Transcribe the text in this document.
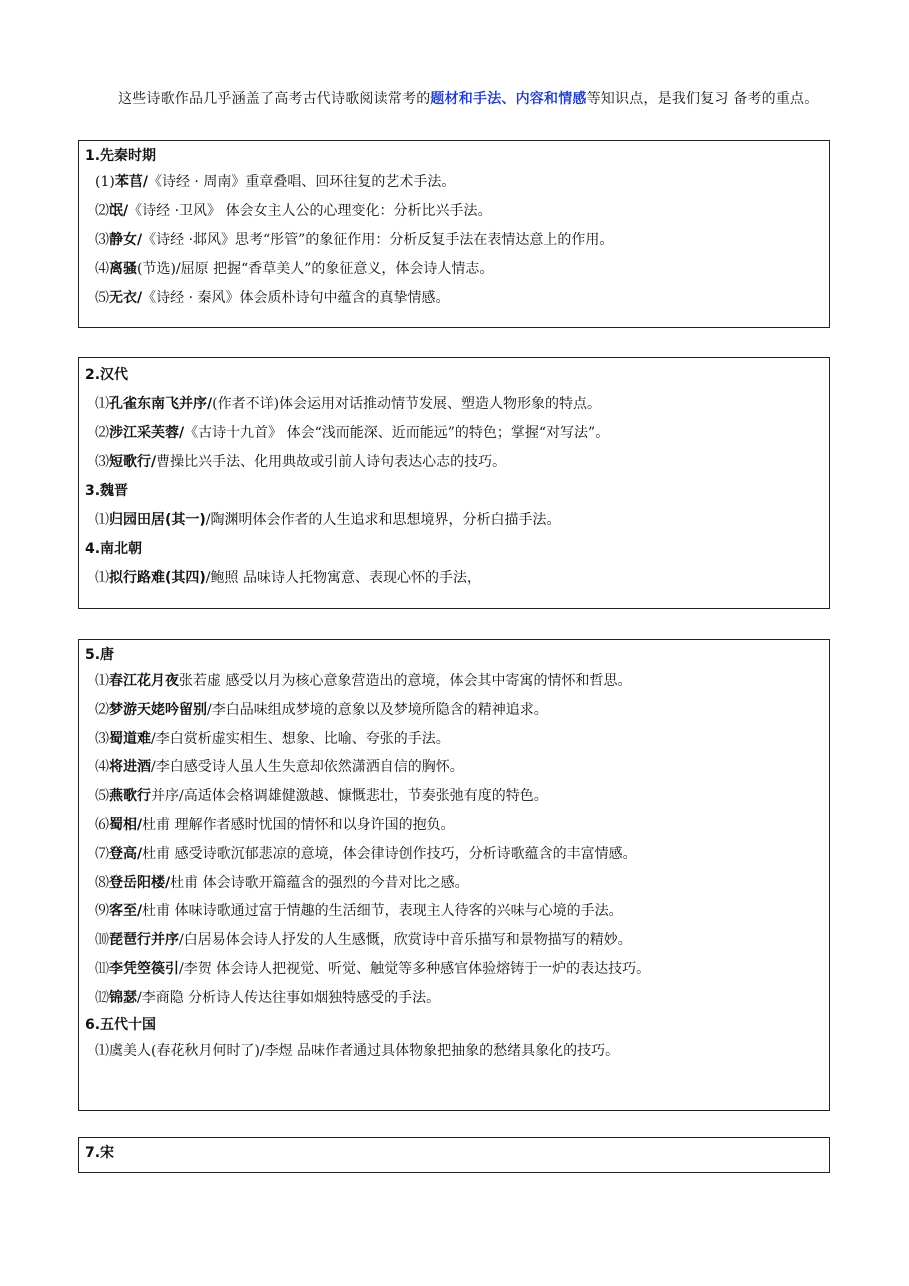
这些诗歌作品几乎涵盖了高考古代诗歌阅读常考的题材和手法、内容和情感等知识点，是我们复习 备考的重点。
1.先秦时期
(1)苯苢/《诗经 · 周南》重章叠唱、回环往复的艺术手法。
⑵氓/《诗经 ·卫风》 体会女主人公的心理变化：分析比兴手法。
⑶静女/《诗经 ·邶风》思考“彤管”的象征作用：分析反复手法在表情达意上的作用。
⑷离骚(节选)/屈原 把握“香草美人”的象征意义，体会诗人情志。
⑸无衣/《诗经 · 秦风》体会质朴诗句中蕴含的真挚情感。
2.汉代
⑴孔雀东南飞并序/(作者不详)体会运用对话推动情节发展、塑造人物形象的特点。
⑵涉江采芙蓉/《古诗十九首》 体会“浅而能深、近而能远”的特色；掌握“对写法”。
⑶短歌行/曹操比兴手法、化用典故或引前人诗句表达心志的技巧。
3.魏晋
⑴归园田居(其一)/陶渊明体会作者的人生追求和思想境界，分析白描手法。
4.南北朝
⑴拟行路难(其四)/鲍照 品味诗人托物寓意、表现心怀的手法，
5.唐
⑴春江花月夜张若虚 感受以月为核心意象营造出的意境，体会其中寄寓的情怀和哲思。
⑵梦游天姥吟留别/李白品味组成梦境的意象以及梦境所隐含的精神追求。
⑶蜀道难/李白赏析虚实相生、想象、比喻、夸张的手法。
⑷将进酒/李白感受诗人虽人生失意却依然潇洒自信的胸怀。
⑸燕歌行并序/高适体会格调雄健激越、慷慨悲壮，节奏张弛有度的特色。
⑹蜀相/杜甫 理解作者感时忧国的情怀和以身许国的抱负。
⑺登高/杜甫 感受诗歌沉郁悲凉的意境，体会律诗创作技巧，分析诗歌蕴含的丰富情感。
⑻登岳阳楼/杜甫 体会诗歌开篇蕴含的强烈的今昔对比之感。
⑼客至/杜甫 体味诗歌通过富于情趣的生活细节，表现主人待客的兴味与心境的手法。
⑽琵琶行并序/白居易体会诗人抒发的人生感慨，欣赏诗中音乐描写和景物描写的精妙。
⑾李凭箜篌引/李贺 体会诗人把视觉、听觉、触觉等多种感官体验熔铸于一炉的表达技巧。
⑿锦瑟/李商隐 分析诗人传达往事如烟独特感受的手法。
6.五代十国
⑴虞美人(春花秋月何时了)/李煜 品味作者通过具体物象把抽象的愁绪具象化的技巧。
7.宋
